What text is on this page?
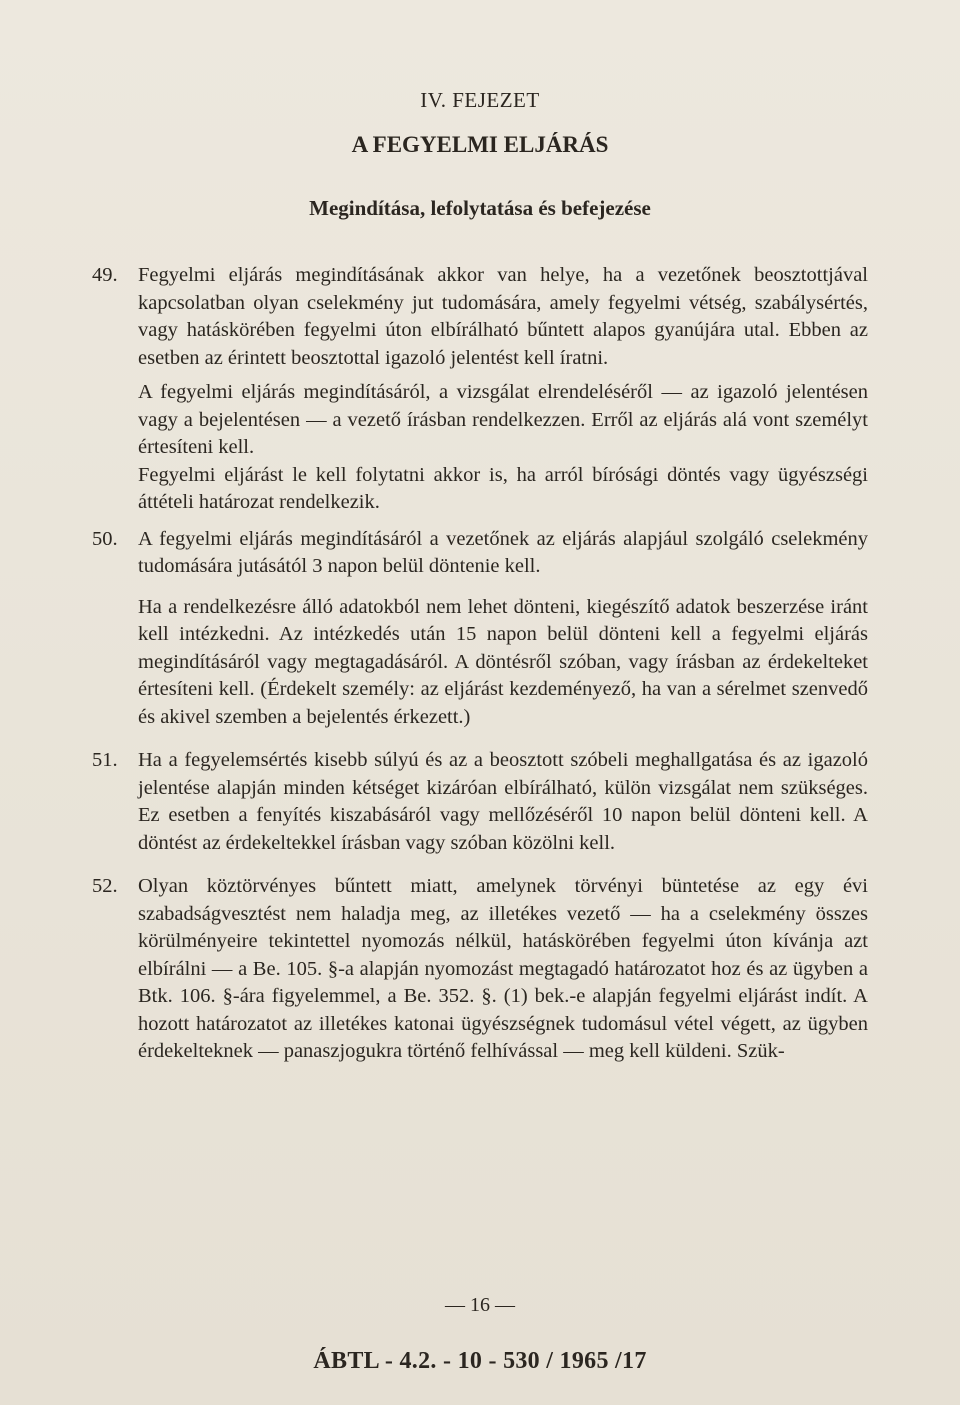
IV. FEJEZET
A FEGYELMI ELJÁRÁS
Megindítása, lefolytatása és befejezése
49. Fegyelmi eljárás megindításának akkor van helye, ha a vezetőnek beosztottjával kapcsolatban olyan cselekmény jut tudomására, amely fegyelmi vétség, szabálysértés, vagy hatáskörében fegyelmi úton elbírálható bűntett alapos gyanújára utal. Ebben az esetben az érintett beosztottal igazoló jelentést kell íratni.

A fegyelmi eljárás megindításáról, a vizsgálat elrendeléséről — az igazoló jelentésen vagy a bejelentésen — a vezető írásban rendelkezzen. Erről az eljárás alá vont személyt értesíteni kell.

Fegyelmi eljárást le kell folytatni akkor is, ha arról bírósági döntés vagy ügyészségi áttételi határozat rendelkezik.

50. A fegyelmi eljárás megindításáról a vezetőnek az eljárás alapjául szolgáló cselekmény tudomására jutásától 3 napon belül döntenie kell.

Ha a rendelkezésre álló adatokból nem lehet dönteni, kiegészítő adatok beszerzése iránt kell intézkedni. Az intézkedés után 15 napon belül dönteni kell a fegyelmi eljárás megindításáról vagy megtagadásáról. A döntésről szóban, vagy írásban az érdekelteket értesíteni kell. (Érdekelt személy: az eljárást kezdeményező, ha van a sérelmet szenvedő és akivel szemben a bejelentés érkezett.)

51. Ha a fegyelemsértés kisebb súlyú és az a beosztott szóbeli meghallgatása és az igazoló jelentése alapján minden kétséget kizáróan elbírálható, külön vizsgálat nem szükséges. Ez esetben a fenyítés kiszabásáról vagy mellőzéséről 10 napon belül dönteni kell. A döntést az érdekeltekkel írásban vagy szóban közölni kell.

52. Olyan köztörvényes bűntett miatt, amelynek törvényi büntetése az egy évi szabadságvesztést nem haladja meg, az illetékes vezető — ha a cselekmény összes körülményeire tekintettel nyomozás nélkül, hatáskörében fegyelmi úton kívánja azt elbírálni — a Be. 105. §-a alapján nyomozást megtagadó határozatot hoz és az ügyben a Btk. 106. §-ára figyelemmel, a Be. 352. §. (1) bek.-e alapján fegyelmi eljárást indít. A hozott határozatot az illetékes katonai ügyészségnek tudomásul vétel végett, az ügyben érdekelteknek — panaszjogukra történő felhívással — meg kell küldeni. Szük-

— 16 —
ÁBTL - 4.2. - 10 - 530 / 1965 /17
